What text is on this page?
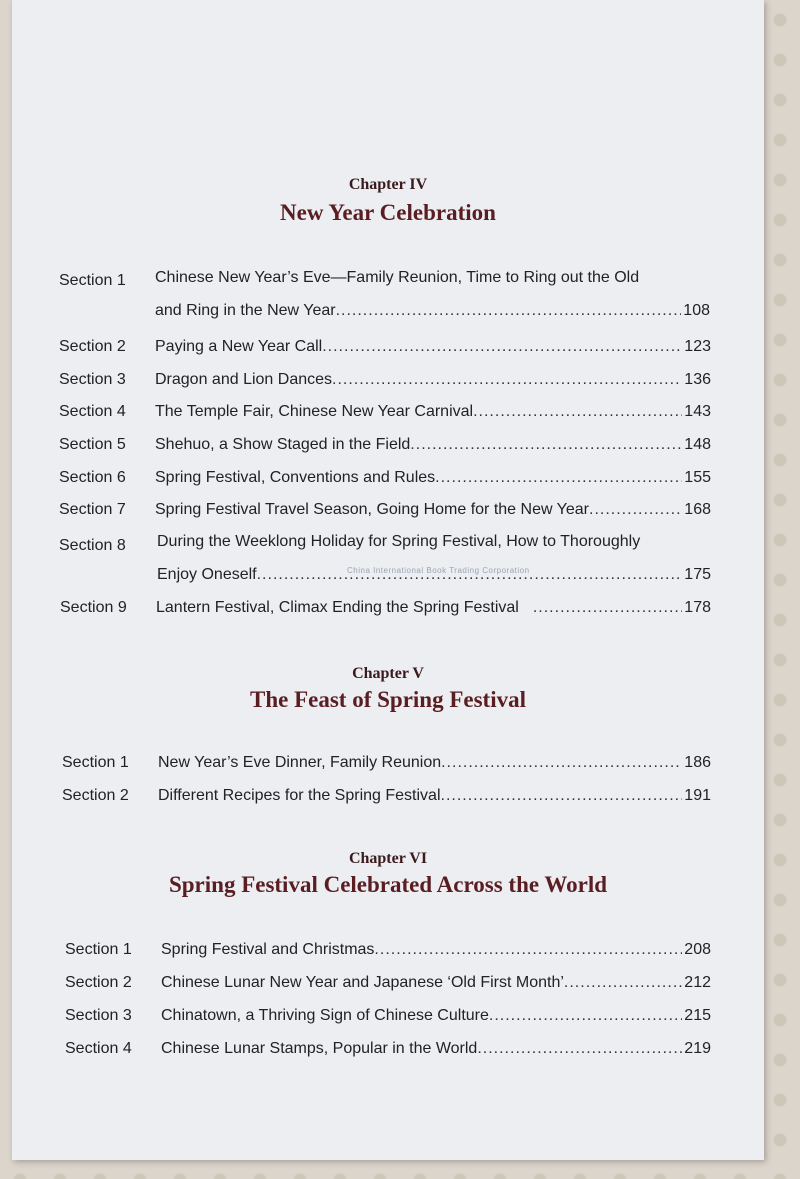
Chapter IV
New Year Celebration
Section 1 Chinese New Year’s Eve—Family Reunion, Time to Ring out the Old
and Ring in the New Year .....	108
Section 2	Paying a New Year Call .....	123
Section 3	Dragon and Lion Dances .....	136
Section 4	The Temple Fair, Chinese New Year Carnival .....	143
Section 5	Shehuo, a Show Staged in the Field .....	148
Section 6	Spring Festival, Conventions and Rules .....	155
Section 7	Spring Festival Travel Season, Going Home for the New Year .....	168
Section 8 During the Weeklong Holiday for Spring Festival, How to Thoroughly
China International Book Trading Corporation
Enjoy Oneself .....	175
Section 9	Lantern Festival, Climax Ending the Spring Festival .....	178
Chapter V
The Feast of Spring Festival
Section 1	New Year’s Eve Dinner, Family Reunion .....	186
Section 2	Different Recipes for the Spring Festival .....	191
Chapter VI
Spring Festival Celebrated Across the World
Section 1	Spring Festival and Christmas .....	208
Section 2	Chinese Lunar New Year and Japanese ‘Old First Month’ .....	212
Section 3	Chinatown, a Thriving Sign of Chinese Culture .....	215
Section 4	Chinese Lunar Stamps, Popular in the World .....	219
